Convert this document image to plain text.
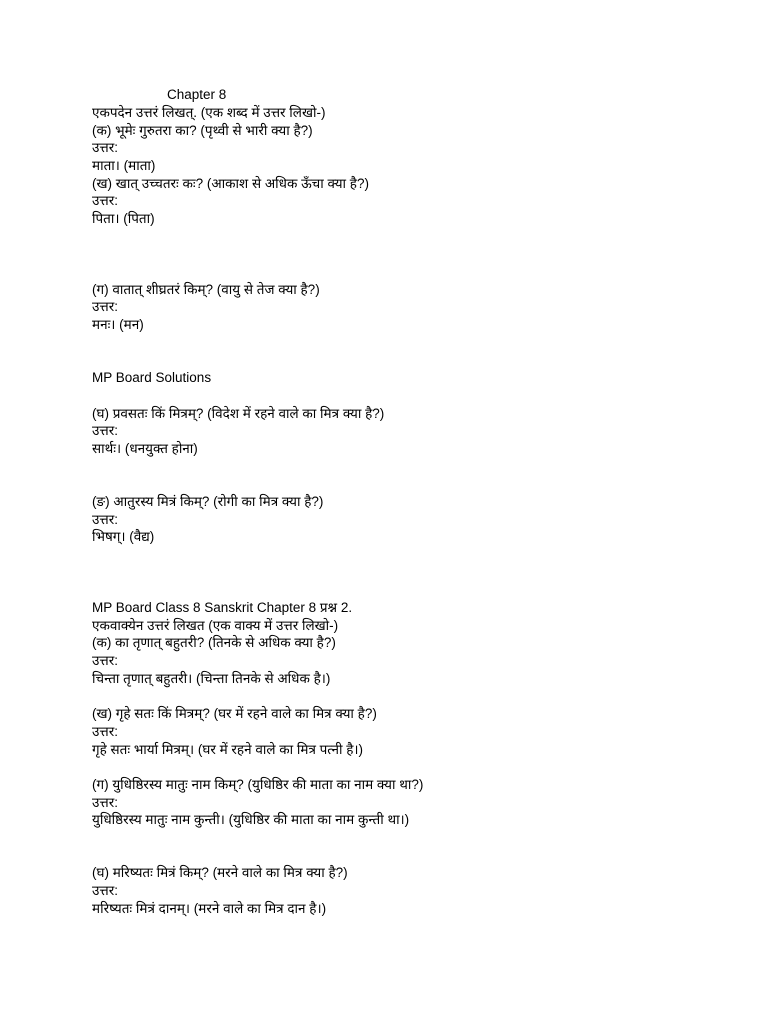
Chapter 8
एकपदेन उत्तरं लिखत्. (एक शब्द में उत्तर लिखो-)
(क) भूमेः गुरुतरा का? (पृथ्वी से भारी क्या है?)
उत्तर:
माता। (माता)
(ख) खात् उच्चतरः कः? (आकाश से अधिक ऊँचा क्या है?)
उत्तर:
पिता। (पिता)
(ग) वातात् शीघ्रतरं किम्? (वायु से तेज क्या है?)
उत्तर:
मनः। (मन)
MP Board Solutions
(घ) प्रवसतः किं मित्रम्? (विदेश में रहने वाले का मित्र क्या है?)
उत्तर:
सार्थः। (धनयुक्त होना)
(ङ) आतुरस्य मित्रं किम्? (रोगी का मित्र क्या है?)
उत्तर:
भिषग्। (वैद्य)
MP Board Class 8 Sanskrit Chapter 8 प्रश्न 2.
एकवाक्येन उत्तरं लिखत (एक वाक्य में उत्तर लिखो-)
(क) का तृणात् बहुतरी? (तिनके से अधिक क्या है?)
उत्तर:
चिन्ता तृणात् बहुतरी। (चिन्ता तिनके से अधिक है।)
(ख) गृहे सतः किं मित्रम्? (घर में रहने वाले का मित्र क्या है?)
उत्तर:
गृहे सतः भार्या मित्रम्। (घर में रहने वाले का मित्र पत्नी है।)
(ग) युधिष्ठिरस्य मातुः नाम किम्? (युधिष्ठिर की माता का नाम क्या था?)
उत्तर:
युधिष्ठिरस्य मातुः नाम कुन्ती। (युधिष्ठिर की माता का नाम कुन्ती था।)
(घ) मरिष्यतः मित्रं किम्? (मरने वाले का मित्र क्या है?)
उत्तर:
मरिष्यतः मित्रं दानम्। (मरने वाले का मित्र दान है।)
